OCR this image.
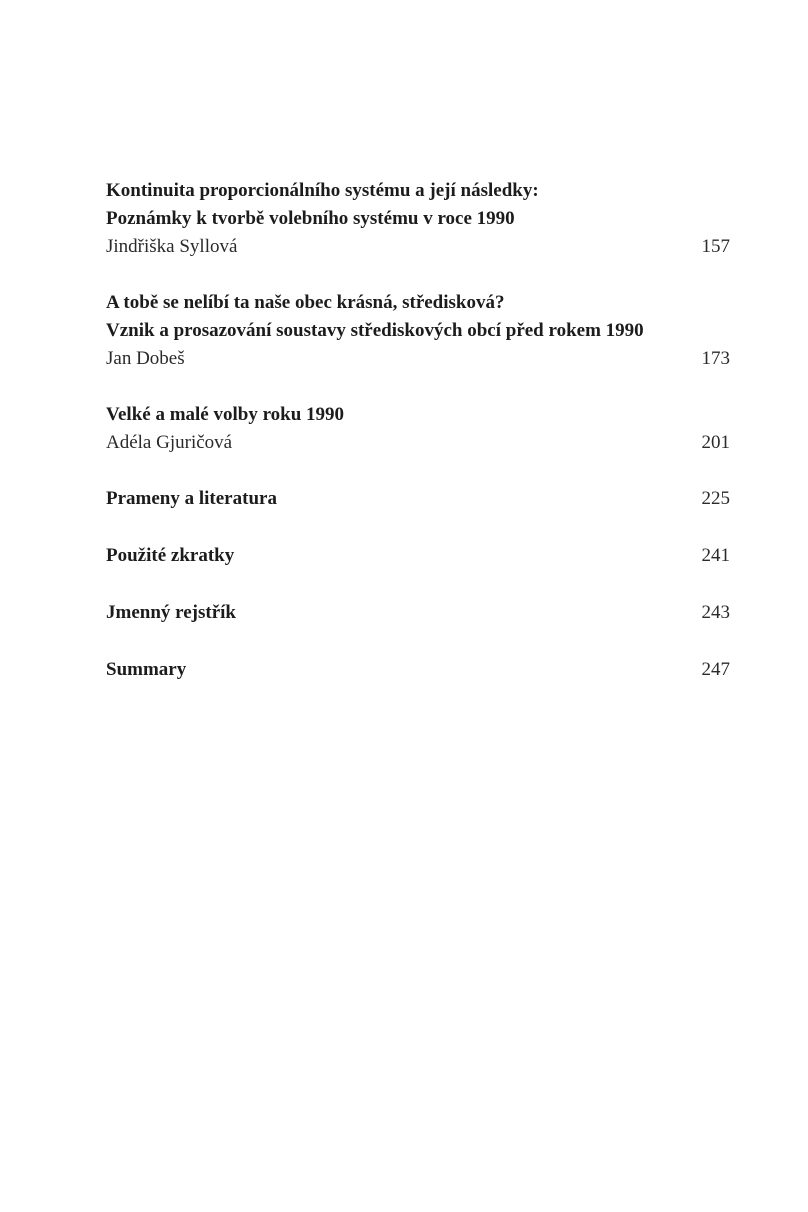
Kontinuita proporcionálního systému a její následky:
Poznámky k tvorbě volebního systému v roce 1990
Jindřiška Syllová	157
A tobě se nelíbí ta naše obec krásná, středisková?
Vznik a prosazování soustavy střediskových obcí před rokem 1990
Jan Dobeš	173
Velké a malé volby roku 1990
Adéla Gjuričová	201
Prameny a literatura	225
Použité zkratky	241
Jmenný rejstřík	243
Summary	247
